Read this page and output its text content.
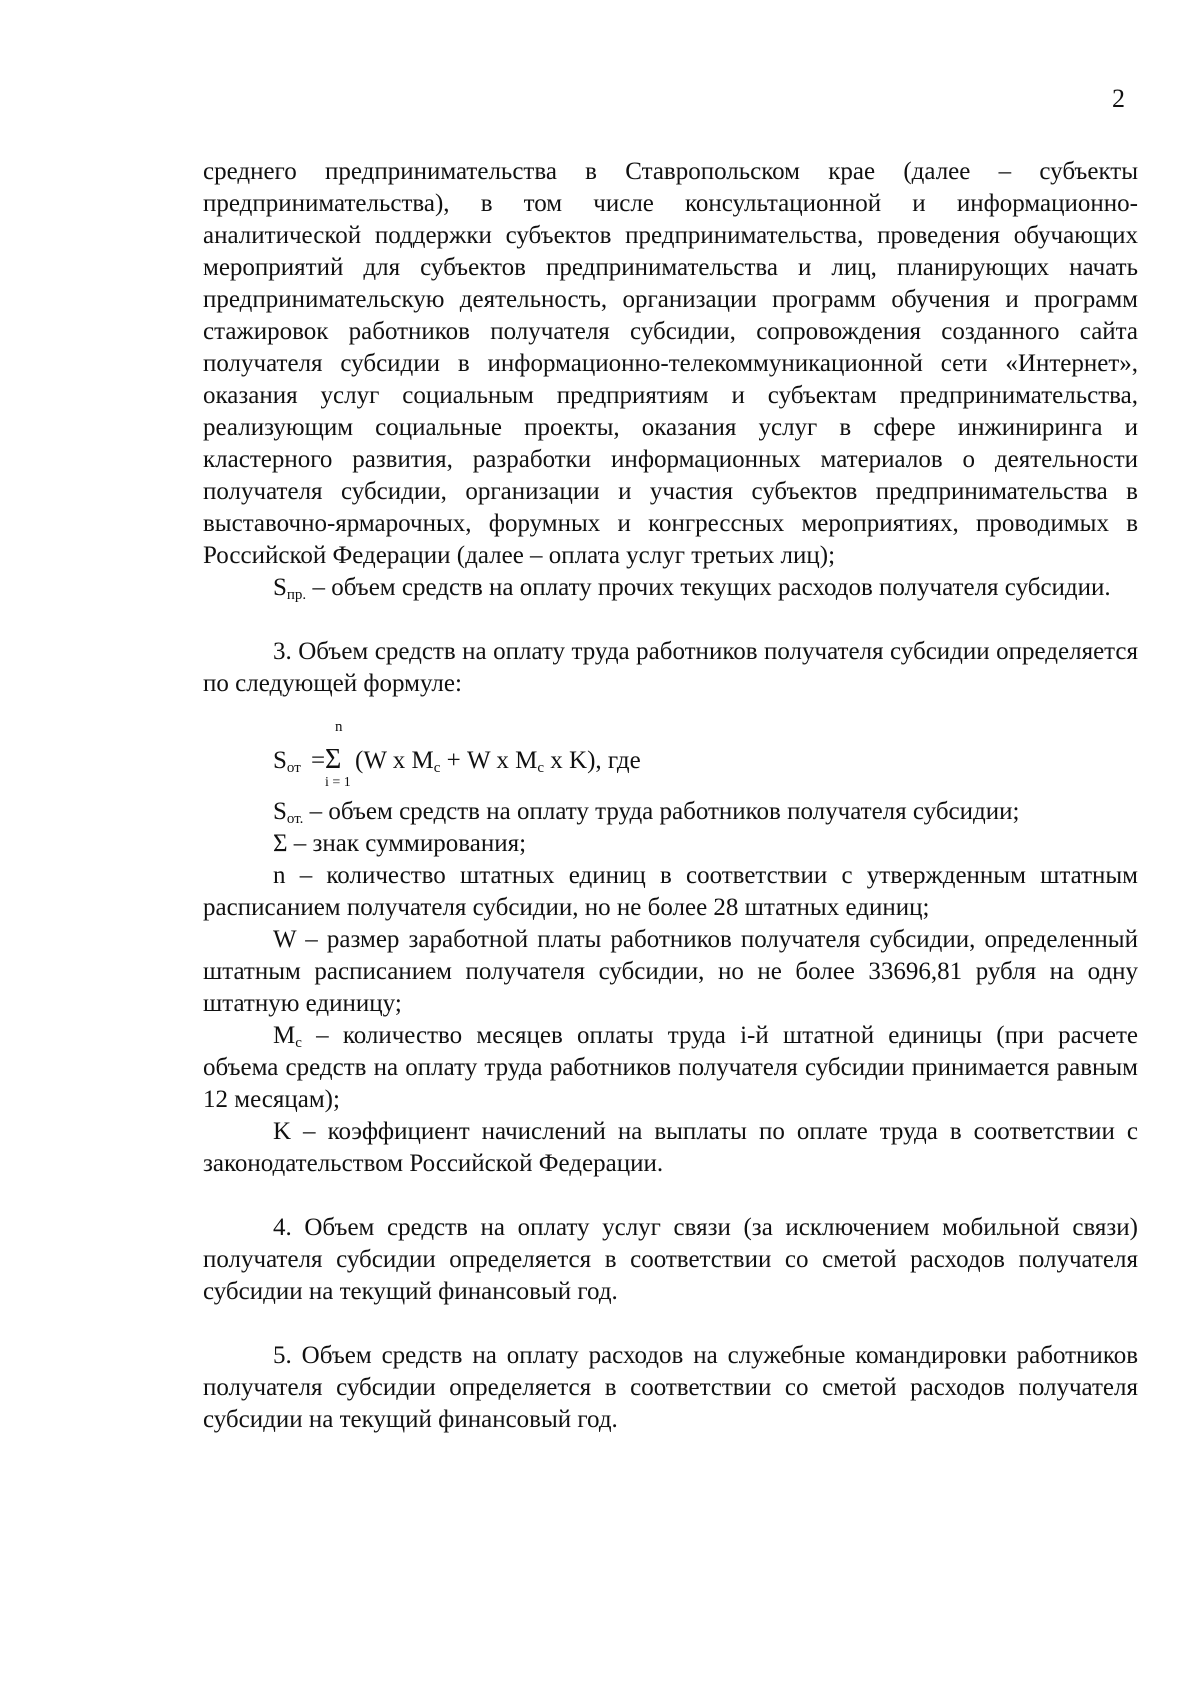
2

среднего предпринимательства в Ставропольском крае (далее – субъекты предпринимательства), в том числе консультационной и информационно-аналитической поддержки субъектов предпринимательства, проведения обучающих мероприятий для субъектов предпринимательства и лиц, планирующих начать предпринимательскую деятельность, организации программ обучения и программ стажировок работников получателя субсидии, сопровождения созданного сайта получателя субсидии в информационно-телекоммуникационной сети «Интернет», оказания услуг социальным предприятиям и субъектам предпринимательства, реализующим социальные проекты, оказания услуг в сфере инжиниринга и кластерного развития, разработки информационных материалов о деятельности получателя субсидии, организации и участия субъектов предпринимательства в выставочно-ярмарочных, форумных и конгрессных мероприятиях, проводимых в Российской Федерации (далее – оплата услуг третьих лиц);

$S_{пр.}$ – объем средств на оплату прочих текущих расходов получателя субсидии.

3. Объем средств на оплату труда работников получателя субсидии определяется по следующей формуле:

$S_{от}$ =
n
Σ
i = 1
(W x $M_с + W$ x $M_с$ x K), где

$S_{от.}$ – объем средств на оплату труда работников получателя субсидии;

Σ – знак суммирования;

n – количество штатных единиц в соответствии с утвержденным штатным расписанием получателя субсидии, но не более 28 штатных единиц;

W – размер заработной платы работников получателя субсидии, определенный штатным расписанием получателя субсидии, но не более 33696,81 рубля на одну штатную единицу;

$M_с$ – количество месяцев оплаты труда i-й штатной единицы (при расчете объема средств на оплату труда работников получателя субсидии принимается равным 12 месяцам);

K – коэффициент начислений на выплаты по оплате труда в соответствии с законодательством Российской Федерации.

4. Объем средств на оплату услуг связи (за исключением мобильной связи) получателя субсидии определяется в соответствии со сметой расходов получателя субсидии на текущий финансовый год.

5. Объем средств на оплату расходов на служебные командировки работников получателя субсидии определяется в соответствии со сметой расходов получателя субсидии на текущий финансовый год.
